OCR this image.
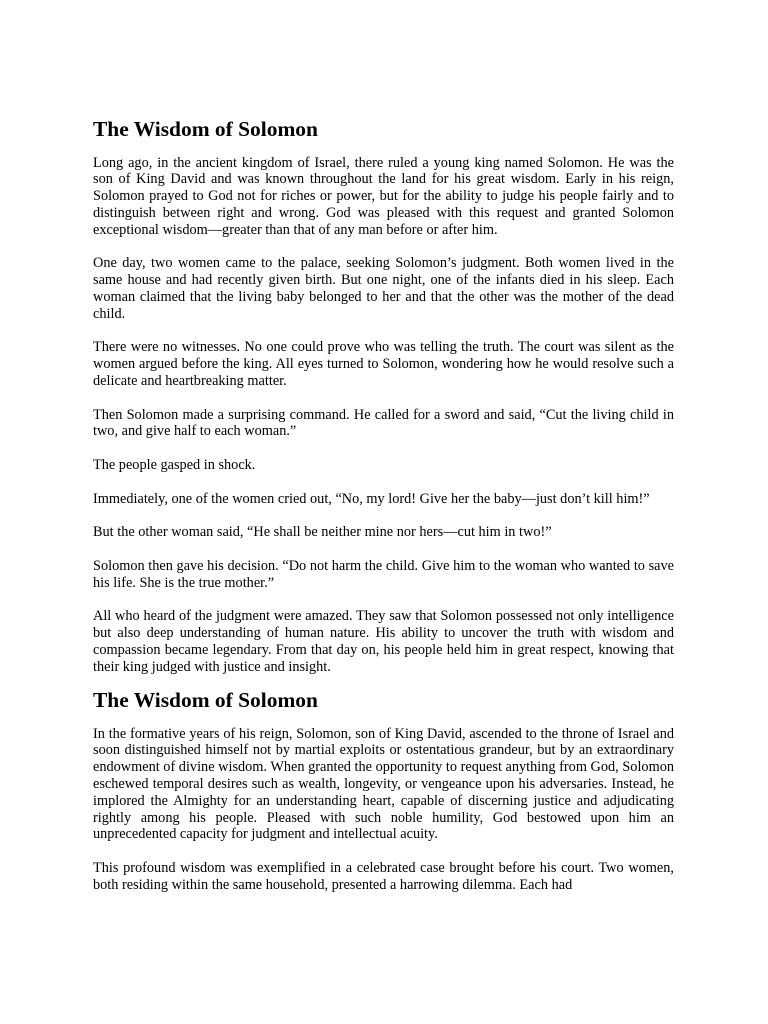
The Wisdom of Solomon

Long ago, in the ancient kingdom of Israel, there ruled a young king named Solomon. He was the son of King David and was known throughout the land for his great wisdom. Early in his reign, Solomon prayed to God not for riches or power, but for the ability to judge his people fairly and to distinguish between right and wrong. God was pleased with this request and granted Solomon exceptional wisdom—greater than that of any man before or after him.

One day, two women came to the palace, seeking Solomon’s judgment. Both women lived in the same house and had recently given birth. But one night, one of the infants died in his sleep. Each woman claimed that the living baby belonged to her and that the other was the mother of the dead child.

There were no witnesses. No one could prove who was telling the truth. The court was silent as the women argued before the king. All eyes turned to Solomon, wondering how he would resolve such a delicate and heartbreaking matter.

Then Solomon made a surprising command. He called for a sword and said, “Cut the living child in two, and give half to each woman.”

The people gasped in shock.

Immediately, one of the women cried out, “No, my lord! Give her the baby—just don’t kill him!”

But the other woman said, “He shall be neither mine nor hers—cut him in two!”

Solomon then gave his decision. “Do not harm the child. Give him to the woman who wanted to save his life. She is the true mother.”

All who heard of the judgment were amazed. They saw that Solomon possessed not only intelligence but also deep understanding of human nature. His ability to uncover the truth with wisdom and compassion became legendary. From that day on, his people held him in great respect, knowing that their king judged with justice and insight.

The Wisdom of Solomon

In the formative years of his reign, Solomon, son of King David, ascended to the throne of Israel and soon distinguished himself not by martial exploits or ostentatious grandeur, but by an extraordinary endowment of divine wisdom. When granted the opportunity to request anything from God, Solomon eschewed temporal desires such as wealth, longevity, or vengeance upon his adversaries. Instead, he implored the Almighty for an understanding heart, capable of discerning justice and adjudicating rightly among his people. Pleased with such noble humility, God bestowed upon him an unprecedented capacity for judgment and intellectual acuity.

This profound wisdom was exemplified in a celebrated case brought before his court. Two women, both residing within the same household, presented a harrowing dilemma. Each had
